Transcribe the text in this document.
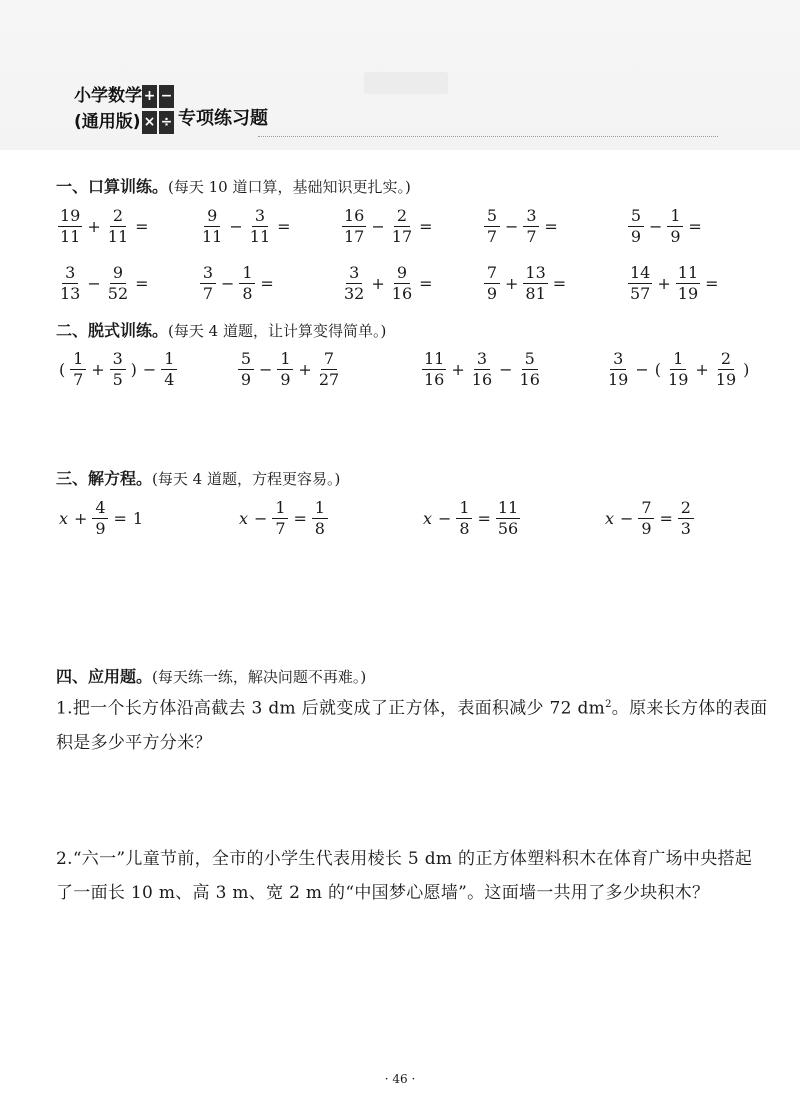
小学数学
(通用版)
+ −
× ÷ 专项练习题
一、口算训练。(每天 10 道口算，基础知识更扎实。)
$\frac{19}{11} + \frac{2}{11}$ =	$\frac{9}{11} - \frac{3}{11}$ =	$\frac{16}{17} - \frac{2}{17}$ =	$\frac{5}{7} - \frac{3}{7}$ =	$\frac{5}{9} - \frac{1}{9}$ =
$\frac{3}{13} - \frac{9}{52}$ =	$\frac{3}{7} - \frac{1}{8}$ =	$\frac{3}{32} + \frac{9}{16}$ =	$\frac{7}{9} + \frac{13}{81}$ =	$\frac{14}{57} + \frac{11}{19}$ =
二、脱式训练。(每天 4 道题，让计算变得简单。)
( $\frac{1}{7} + \frac{3}{5}$ ) − $\frac{1}{4}$	$\frac{5}{9} - \frac{1}{9} + \frac{7}{27}$	$\frac{11}{16} + \frac{3}{16} - \frac{5}{16}$	$\frac{3}{19}$ − ( $\frac{1}{19} + \frac{2}{19}$ )
三、解方程。(每天 4 道题，方程更容易。)
$x + \frac{4}{9} = 1$	$x - \frac{1}{7} = \frac{1}{8}$	$x - \frac{1}{8} = \frac{11}{56}$	$x - \frac{7}{9} = \frac{2}{3}$
四、应用题。(每天练一练，解决问题不再难。)
1.把一个长方体沿高截去 3 dm 后就变成了正方体，表面积减少 72 $dm^2$。原来长方体的表面积是多少平方分米？
2.“六一”儿童节前，全市的小学生代表用棱长 5 dm 的正方体塑料积木在体育广场中央搭起了一面长 10 m、高 3 m、宽 2 m 的“中国梦心愿墙”。这面墙一共用了多少块积木？
· 46 ·
